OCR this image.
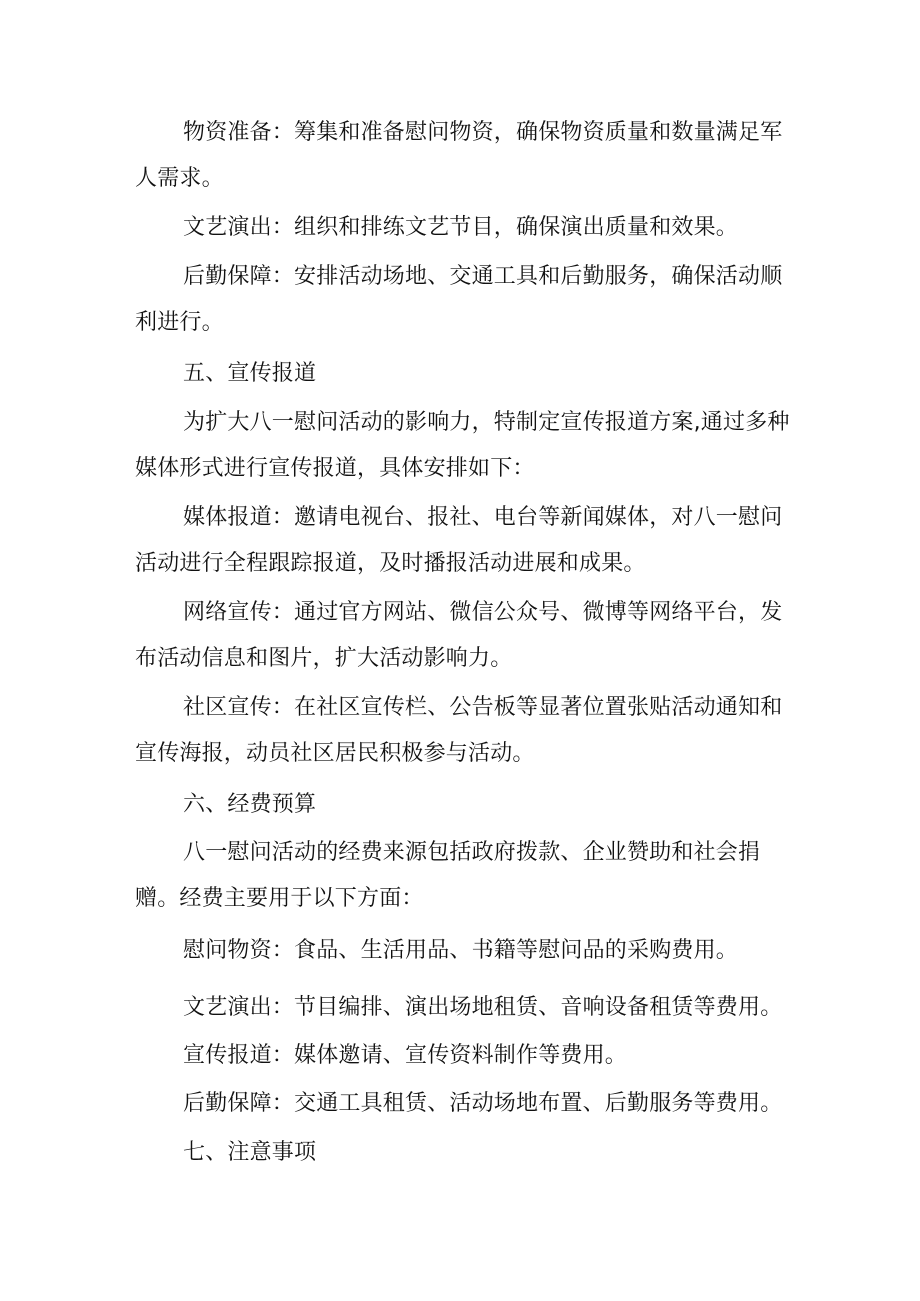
物资准备：筹集和准备慰问物资，确保物资质量和数量满足军人需求。
文艺演出：组织和排练文艺节目，确保演出质量和效果。
后勤保障：安排活动场地、交通工具和后勤服务，确保活动顺利进行。
五、宣传报道
为扩大八一慰问活动的影响力，特制定宣传报道方案,通过多种媒体形式进行宣传报道，具体安排如下：
媒体报道：邀请电视台、报社、电台等新闻媒体，对八一慰问活动进行全程跟踪报道，及时播报活动进展和成果。
网络宣传：通过官方网站、微信公众号、微博等网络平台，发布活动信息和图片，扩大活动影响力。
社区宣传：在社区宣传栏、公告板等显著位置张贴活动通知和宣传海报，动员社区居民积极参与活动。
六、经费预算
八一慰问活动的经费来源包括政府拨款、企业赞助和社会捐赠。经费主要用于以下方面：
慰问物资：食品、生活用品、书籍等慰问品的采购费用。
文艺演出：节目编排、演出场地租赁、音响设备租赁等费用。
宣传报道：媒体邀请、宣传资料制作等费用。
后勤保障：交通工具租赁、活动场地布置、后勤服务等费用。
七、注意事项
